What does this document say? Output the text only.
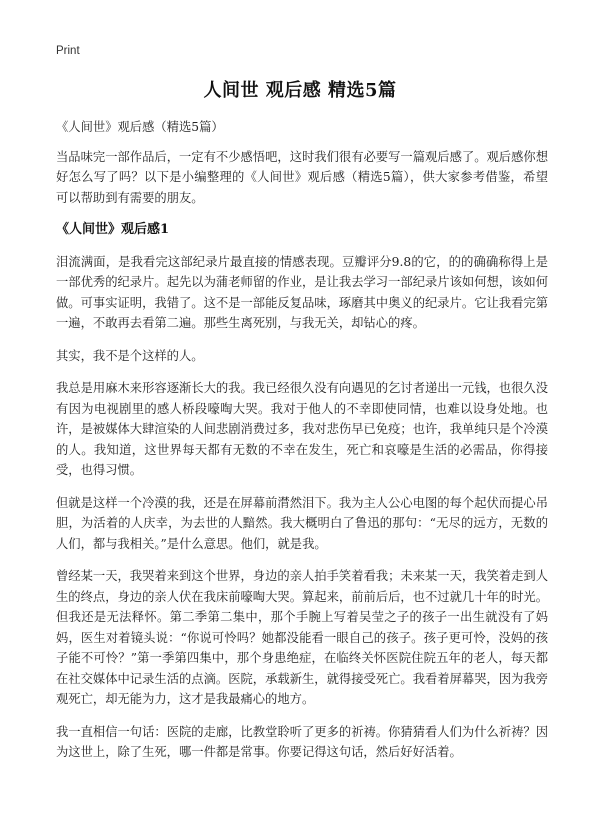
Print
人间世 观后感 精选5篇

《人间世》观后感（精选5篇）

当品味完一部作品后，一定有不少感悟吧，这时我们很有必要写一篇观后感了。观后感你想好怎么写了吗？以下是小编整理的《人间世》观后感（精选5篇），供大家参考借鉴，希望可以帮助到有需要的朋友。

《人间世》观后感1

泪流满面，是我看完这部纪录片最直接的情感表现。豆瓣评分9.8的它，的的确确称得上是一部优秀的纪录片。起先以为蒲老师留的作业，是让我去学习一部纪录片该如何想，该如何做。可事实证明，我错了。这不是一部能反复品味，琢磨其中奥义的纪录片。它让我看完第一遍，不敢再去看第二遍。那些生离死别，与我无关，却钻心的疼。

其实，我不是个这样的人。

我总是用麻木来形容逐渐长大的我。我已经很久没有向遇见的乞讨者递出一元钱，也很久没有因为电视剧里的感人桥段嚎啕大哭。我对于他人的不幸即使同情，也难以设身处地。也许，是被媒体大肆渲染的人间悲剧消费过多，我对悲伤早已免疫；也许，我单纯只是个冷漠的人。我知道，这世界每天都有无数的不幸在发生，死亡和哀嚎是生活的必需品，你得接受，也得习惯。

但就是这样一个冷漠的我，还是在屏幕前潸然泪下。我为主人公心电图的每个起伏而提心吊胆，为活着的人庆幸，为去世的人黯然。我大概明白了鲁迅的那句：“无尽的远方，无数的人们，都与我相关。”是什么意思。他们，就是我。

曾经某一天，我哭着来到这个世界，身边的亲人拍手笑着看我；未来某一天，我笑着走到人生的终点，身边的亲人伏在我床前嚎啕大哭。算起来，前前后后，也不过就几十年的时光。但我还是无法释怀。第二季第二集中，那个手腕上写着吴莹之子的孩子一出生就没有了妈妈，医生对着镜头说：“你说可怜吗？她都没能看一眼自己的孩子。孩子更可怜，没妈的孩子能不可怜？”第一季第四集中，那个身患绝症，在临终关怀医院住院五年的老人，每天都在社交媒体中记录生活的点滴。医院，承载新生，就得接受死亡。我看着屏幕哭，因为我旁观死亡，却无能为力，这才是我最痛心的地方。

我一直相信一句话：医院的走廊，比教堂聆听了更多的祈祷。你猜猜看人们为什么祈祷？因为这世上，除了生死，哪一件都是常事。你要记得这句话，然后好好活着。
